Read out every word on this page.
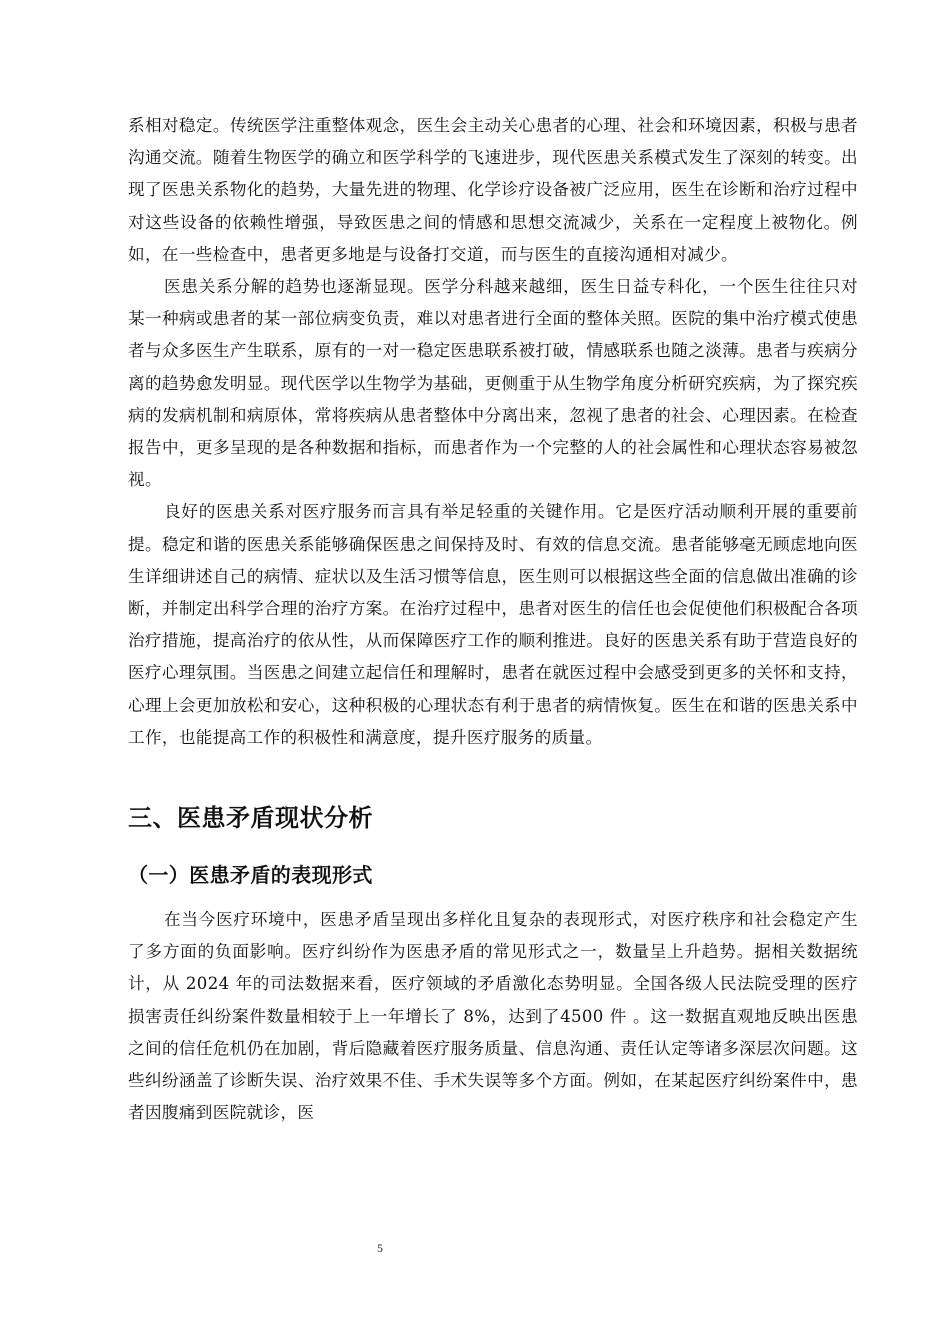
系相对稳定。传统医学注重整体观念，医生会主动关心患者的心理、社会和环境因素，积极与患者沟通交流。随着生物医学的确立和医学科学的飞速进步，现代医患关系模式发生了深刻的转变。出现了医患关系物化的趋势，大量先进的物理、化学诊疗设备被广泛应用，医生在诊断和治疗过程中对这些设备的依赖性增强，导致医患之间的情感和思想交流减少，关系在一定程度上被物化。例如，在一些检查中，患者更多地是与设备打交道，而与医生的直接沟通相对减少。

医患关系分解的趋势也逐渐显现。医学分科越来越细，医生日益专科化，一个医生往往只对某一种病或患者的某一部位病变负责，难以对患者进行全面的整体关照。医院的集中治疗模式使患者与众多医生产生联系，原有的一对一稳定医患联系被打破，情感联系也随之淡薄。患者与疾病分离的趋势愈发明显。现代医学以生物学为基础，更侧重于从生物学角度分析研究疾病，为了探究疾病的发病机制和病原体，常将疾病从患者整体中分离出来，忽视了患者的社会、心理因素。在检查报告中，更多呈现的是各种数据和指标，而患者作为一个完整的人的社会属性和心理状态容易被忽视。

良好的医患关系对医疗服务而言具有举足轻重的关键作用。它是医疗活动顺利开展的重要前提。稳定和谐的医患关系能够确保医患之间保持及时、有效的信息交流。患者能够毫无顾虑地向医生详细讲述自己的病情、症状以及生活习惯等信息，医生则可以根据这些全面的信息做出准确的诊断，并制定出科学合理的治疗方案。在治疗过程中，患者对医生的信任也会促使他们积极配合各项治疗措施，提高治疗的依从性，从而保障医疗工作的顺利推进。良好的医患关系有助于营造良好的医疗心理氛围。当医患之间建立起信任和理解时，患者在就医过程中会感受到更多的关怀和支持，心理上会更加放松和安心，这种积极的心理状态有利于患者的病情恢复。医生在和谐的医患关系中工作，也能提高工作的积极性和满意度，提升医疗服务的质量。

三、医患矛盾现状分析
（一）医患矛盾的表现形式

在当今医疗环境中，医患矛盾呈现出多样化且复杂的表现形式，对医疗秩序和社会稳定产生了多方面的负面影响。医疗纠纷作为医患矛盾的常见形式之一，数量呈上升趋势。据相关数据统计，从 2024 年的司法数据来看，医疗领域的矛盾激化态势明显。全国各级人民法院受理的医疗损害责任纠纷案件数量相较于上一年增长了 8%，达到了4500 件 。这一数据直观地反映出医患之间的信任危机仍在加剧，背后隐藏着医疗服务质量、信息沟通、责任认定等诸多深层次问题。这些纠纷涵盖了诊断失误、治疗效果不佳、手术失误等多个方面。例如，在某起医疗纠纷案件中，患者因腹痛到医院就诊，医

5
